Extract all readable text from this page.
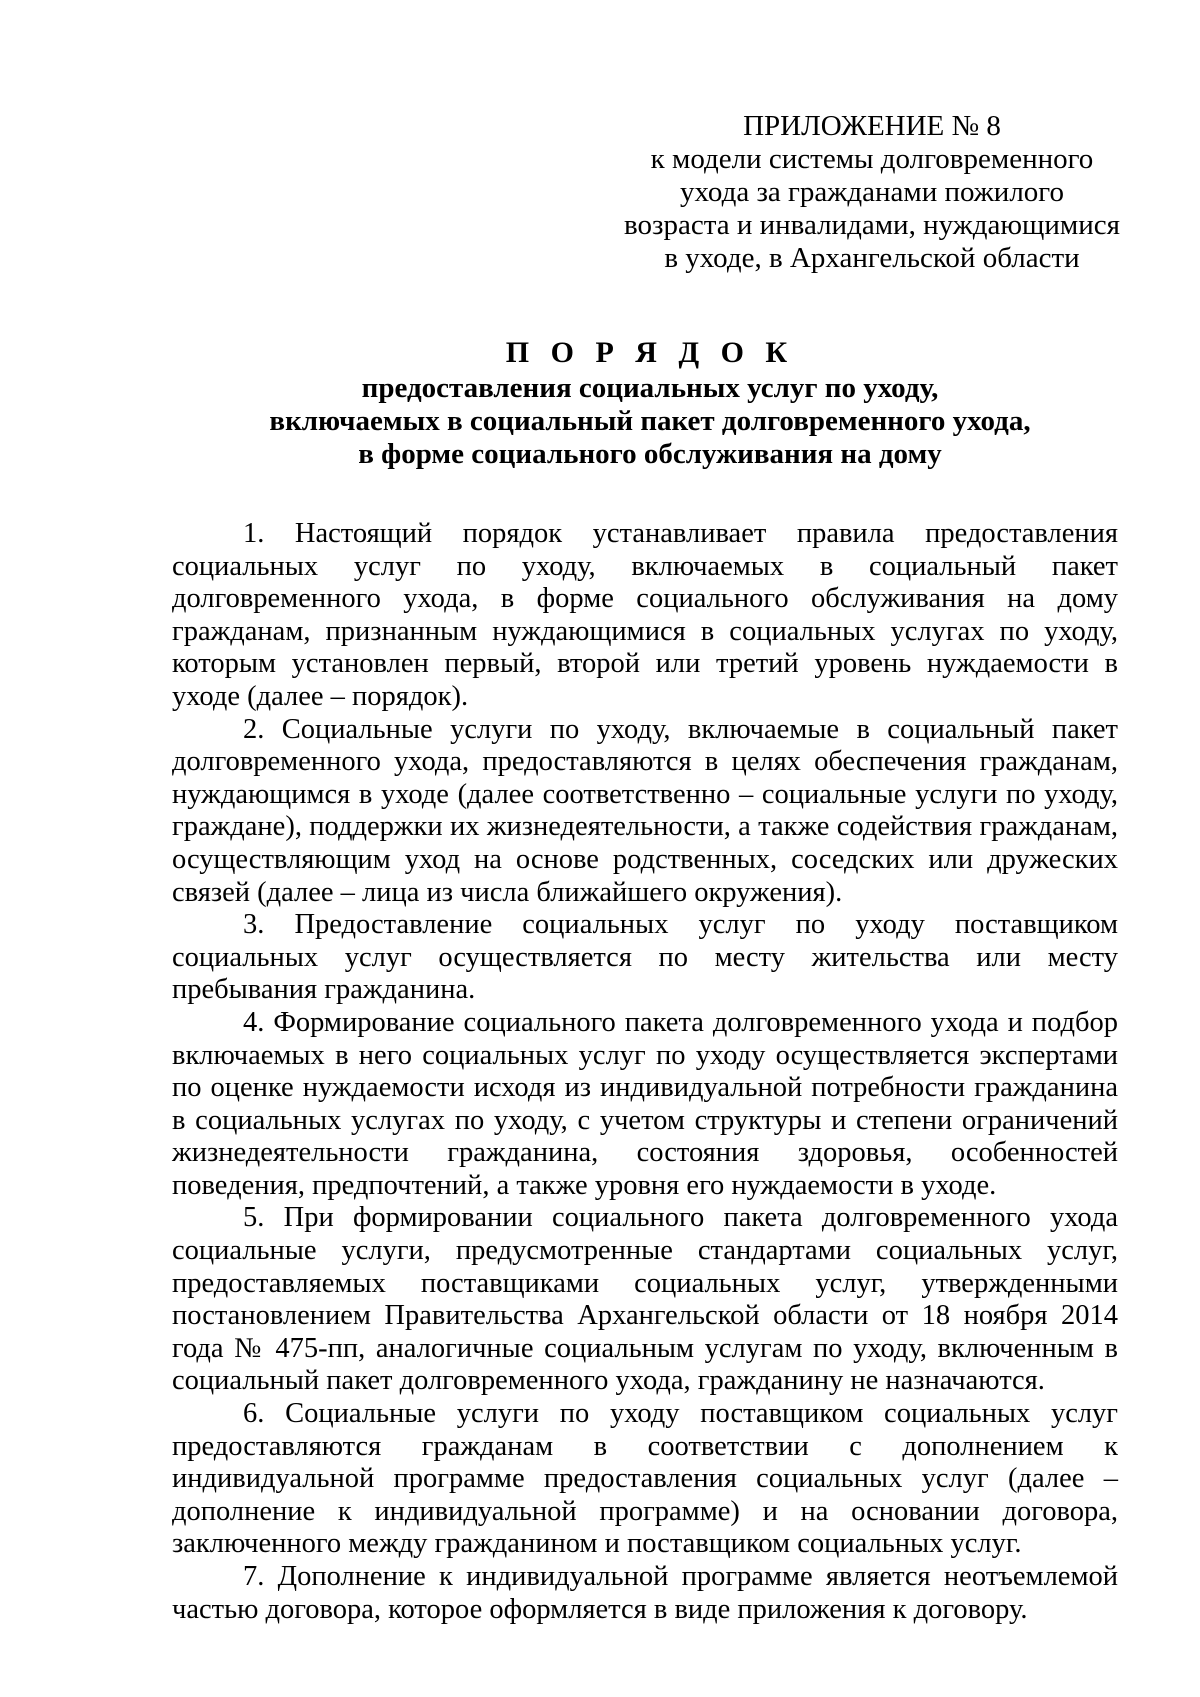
ПРИЛОЖЕНИЕ № 8
к модели системы долговременного
ухода за гражданами пожилого
возраста и инвалидами, нуждающимися
в уходе, в Архангельской области
П О Р Я Д О К
предоставления социальных услуг по уходу,
включаемых в социальный пакет долговременного ухода,
в форме социального обслуживания на дому

1. Настоящий порядок устанавливает правила предоставления социальных услуг по уходу, включаемых в социальный пакет долговременного ухода, в форме социального обслуживания на дому гражданам, признанным нуждающимися в социальных услугах по уходу, которым установлен первый, второй или третий уровень нуждаемости в уходе (далее – порядок).

2. Социальные услуги по уходу, включаемые в социальный пакет долговременного ухода, предоставляются в целях обеспечения гражданам, нуждающимся в уходе (далее соответственно – социальные услуги по уходу, граждане), поддержки их жизнедеятельности, а также содействия гражданам, осуществляющим уход на основе родственных, соседских или дружеских связей (далее – лица из числа ближайшего окружения).

3. Предоставление социальных услуг по уходу поставщиком социальных услуг осуществляется по месту жительства или месту пребывания гражданина.

4. Формирование социального пакета долговременного ухода и подбор включаемых в него социальных услуг по уходу осуществляется экспертами по оценке нуждаемости исходя из индивидуальной потребности гражданина в социальных услугах по уходу, с учетом структуры и степени ограничений жизнедеятельности гражданина, состояния здоровья, особенностей поведения, предпочтений, а также уровня его нуждаемости в уходе.

5. При формировании социального пакета долговременного ухода социальные услуги, предусмотренные стандартами социальных услуг, предоставляемых поставщиками социальных услуг, утвержденными постановлением Правительства Архангельской области от 18 ноября 2014 года № 475-пп, аналогичные социальным услугам по уходу, включенным в социальный пакет долговременного ухода, гражданину не назначаются.

6. Социальные услуги по уходу поставщиком социальных услуг предоставляются гражданам в соответствии с дополнением к индивидуальной программе предоставления социальных услуг (далее – дополнение к индивидуальной программе) и на основании договора, заключенного между гражданином и поставщиком социальных услуг.

7. Дополнение к индивидуальной программе является неотъемлемой частью договора, которое оформляется в виде приложения к договору.
